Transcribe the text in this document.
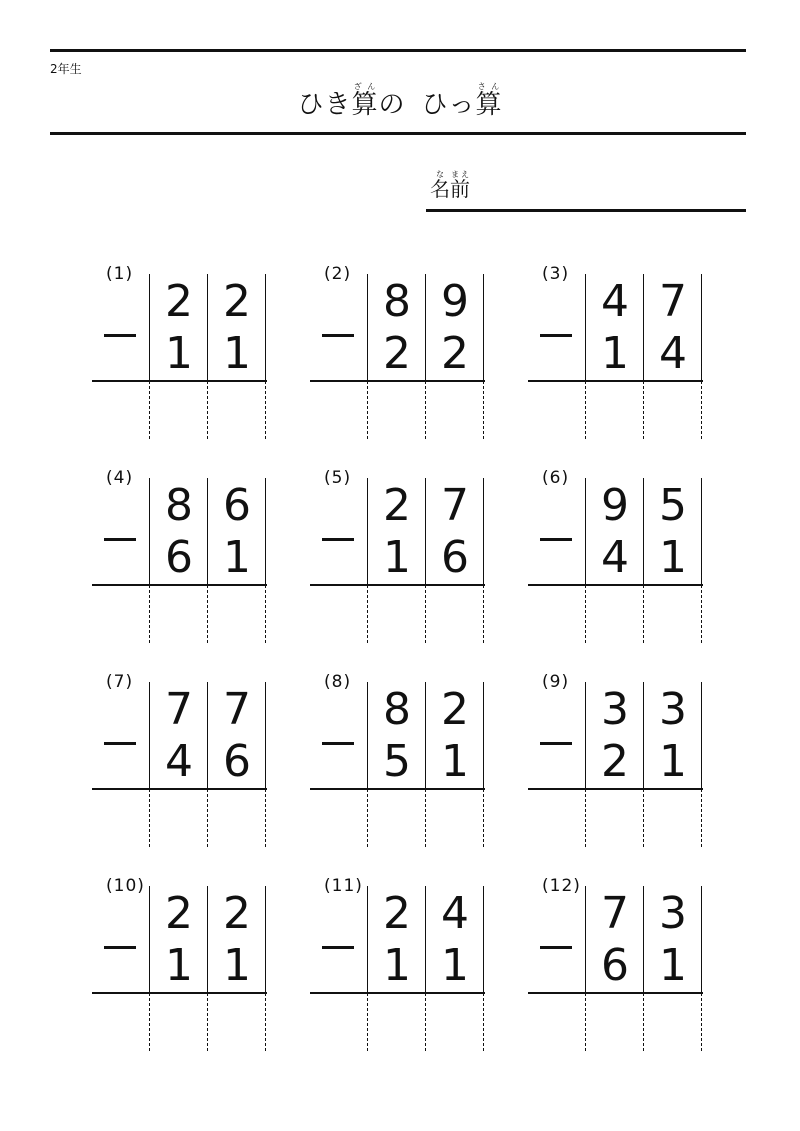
2年生
ひき算ざんの ひっ算さん
名な前まえ
(1)
2 2
1 1
(2)
8 9
2 2
(3)
4 7
1 4
(4)
8 6
6 1
(5)
2 7
1 6
(6)
9 5
4 1
(7)
7 7
4 6
(8)
8 2
5 1
(9)
3 3
2 1
(10)
2 2
1 1
(11)
2 4
1 1
(12)
7 3
6 1
